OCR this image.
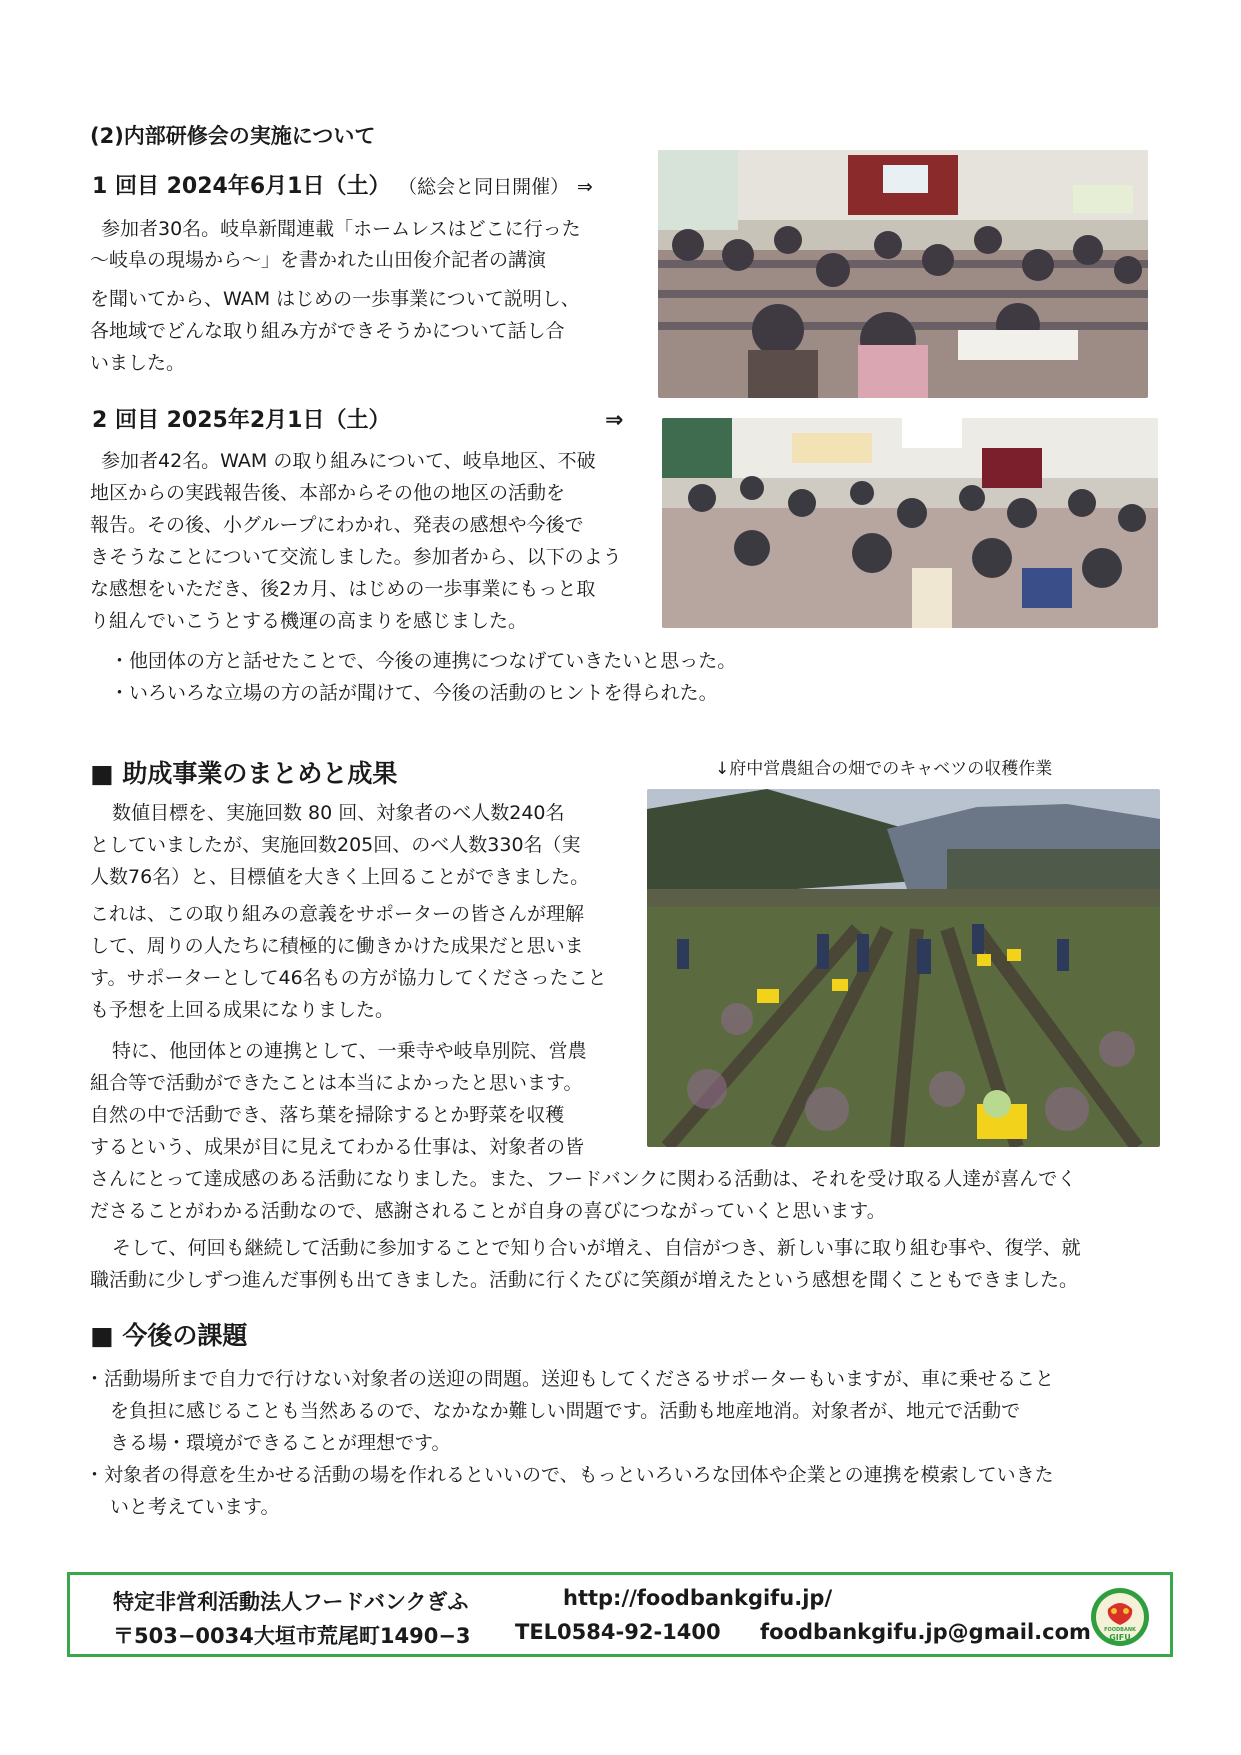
(2)内部研修会の実施について
1 回目 2024年6月1日（土） （総会と同日開催） ⇒
参加者30名。岐阜新聞連載「ホームレスはどこに行った
〜岐阜の現場から〜」を書かれた山田俊介記者の講演
を聞いてから、WAM はじめの一歩事業について説明し、
各地域でどんな取り組み方ができそうかについて話し合
いました。
2 回目 2025年2月1日（土）	⇒
参加者42名。WAM の取り組みについて、岐阜地区、不破
地区からの実践報告後、本部からその他の地区の活動を
報告。その後、小グループにわかれ、発表の感想や今後で
きそうなことについて交流しました。参加者から、以下のよう
な感想をいただき、後2カ月、はじめの一歩事業にもっと取
り組んでいこうとする機運の高まりを感じました。
・他団体の方と話せたことで、今後の連携につなげていきたいと思った。
・いろいろな立場の方の話が聞けて、今後の活動のヒントを得られた。
■ 助成事業のまとめと成果	↓府中営農組合の畑でのキャベツの収穫作業
数値目標を、実施回数 80 回、対象者のべ人数240名
としていましたが、実施回数205回、のべ人数330名（実
人数76名）と、目標値を大きく上回ることができました。
これは、この取り組みの意義をサポーターの皆さんが理解
して、周りの人たちに積極的に働きかけた成果だと思いま
す。サポーターとして46名もの方が協力してくださったこと
も予想を上回る成果になりました。
特に、他団体との連携として、一乗寺や岐阜別院、営農
組合等で活動ができたことは本当によかったと思います。
自然の中で活動でき、落ち葉を掃除するとか野菜を収穫
するという、成果が目に見えてわかる仕事は、対象者の皆
さんにとって達成感のある活動になりました。また、フードバンクに関わる活動は、それを受け取る人達が喜んでく
ださることがわかる活動なので、感謝されることが自身の喜びにつながっていくと思います。
そして、何回も継続して活動に参加することで知り合いが増え、自信がつき、新しい事に取り組む事や、復学、就
職活動に少しずつ進んだ事例も出てきました。活動に行くたびに笑顔が増えたという感想を聞くこともできました。
■ 今後の課題
・活動場所まで自力で行けない対象者の送迎の問題。送迎もしてくださるサポーターもいますが、車に乗せること
を負担に感じることも当然あるので、なかなか難しい問題です。活動も地産地消。対象者が、地元で活動で
きる場・環境ができることが理想です。
・対象者の得意を生かせる活動の場を作れるといいので、もっといろいろな団体や企業との連携を模索していきた
いと考えています。
特定非営利活動法人フードバンクぎふ	http://foodbankgifu.jp/
〒503−0034大垣市荒尾町1490−3 TEL0584-92-1400 foodbankgifu.jp@gmail.com	FOODBANK
GIFU
